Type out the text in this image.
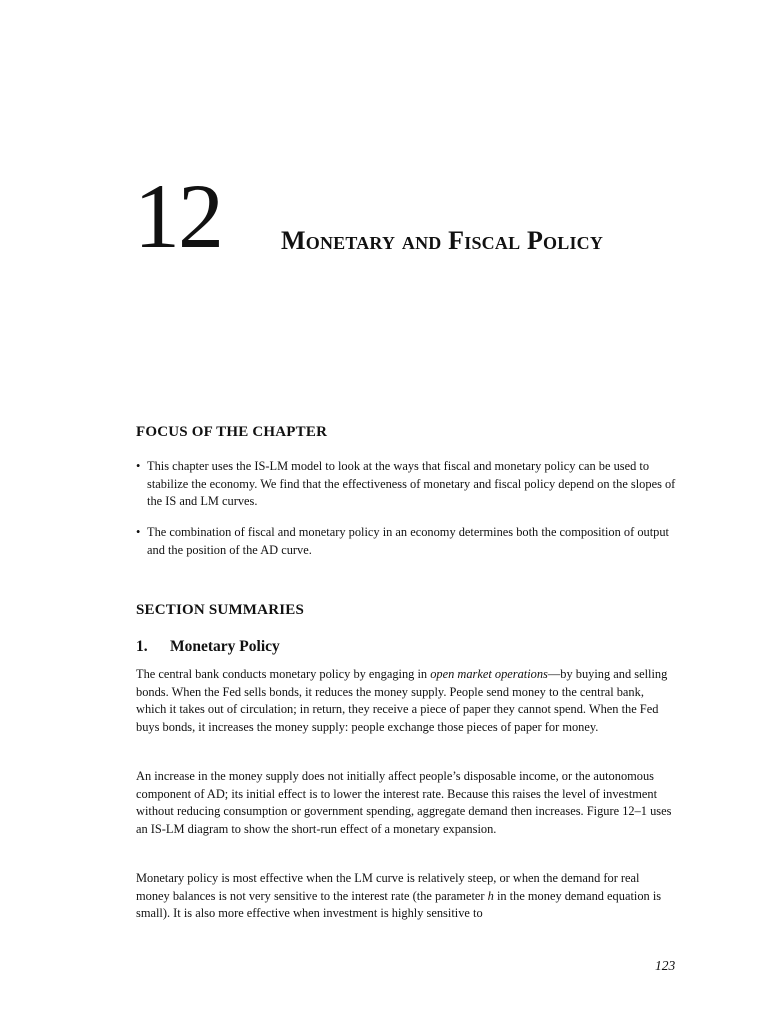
12 Monetary and Fiscal Policy
FOCUS OF THE CHAPTER
• This chapter uses the IS-LM model to look at the ways that fiscal and monetary policy can be used to stabilize the economy. We find that the effectiveness of monetary and fiscal policy depend on the slopes of the IS and LM curves.
• The combination of fiscal and monetary policy in an economy determines both the composition of output and the position of the AD curve.
SECTION SUMMARIES
1. Monetary Policy

The central bank conducts monetary policy by engaging in open market operations—by buying and selling bonds. When the Fed sells bonds, it reduces the money supply. People send money to the central bank, which it takes out of circulation; in return, they receive a piece of paper they cannot spend. When the Fed buys bonds, it increases the money supply: people exchange those pieces of paper for money.

An increase in the money supply does not initially affect people’s disposable income, or the autonomous component of AD; its initial effect is to lower the interest rate. Because this raises the level of investment without reducing consumption or government spending, aggregate demand then increases. Figure 12–1 uses an IS-LM diagram to show the short-run effect of a monetary expansion.

Monetary policy is most effective when the LM curve is relatively steep, or when the demand for real money balances is not very sensitive to the interest rate (the parameter h in the money demand equation is small). It is also more effective when investment is highly sensitive to

123
